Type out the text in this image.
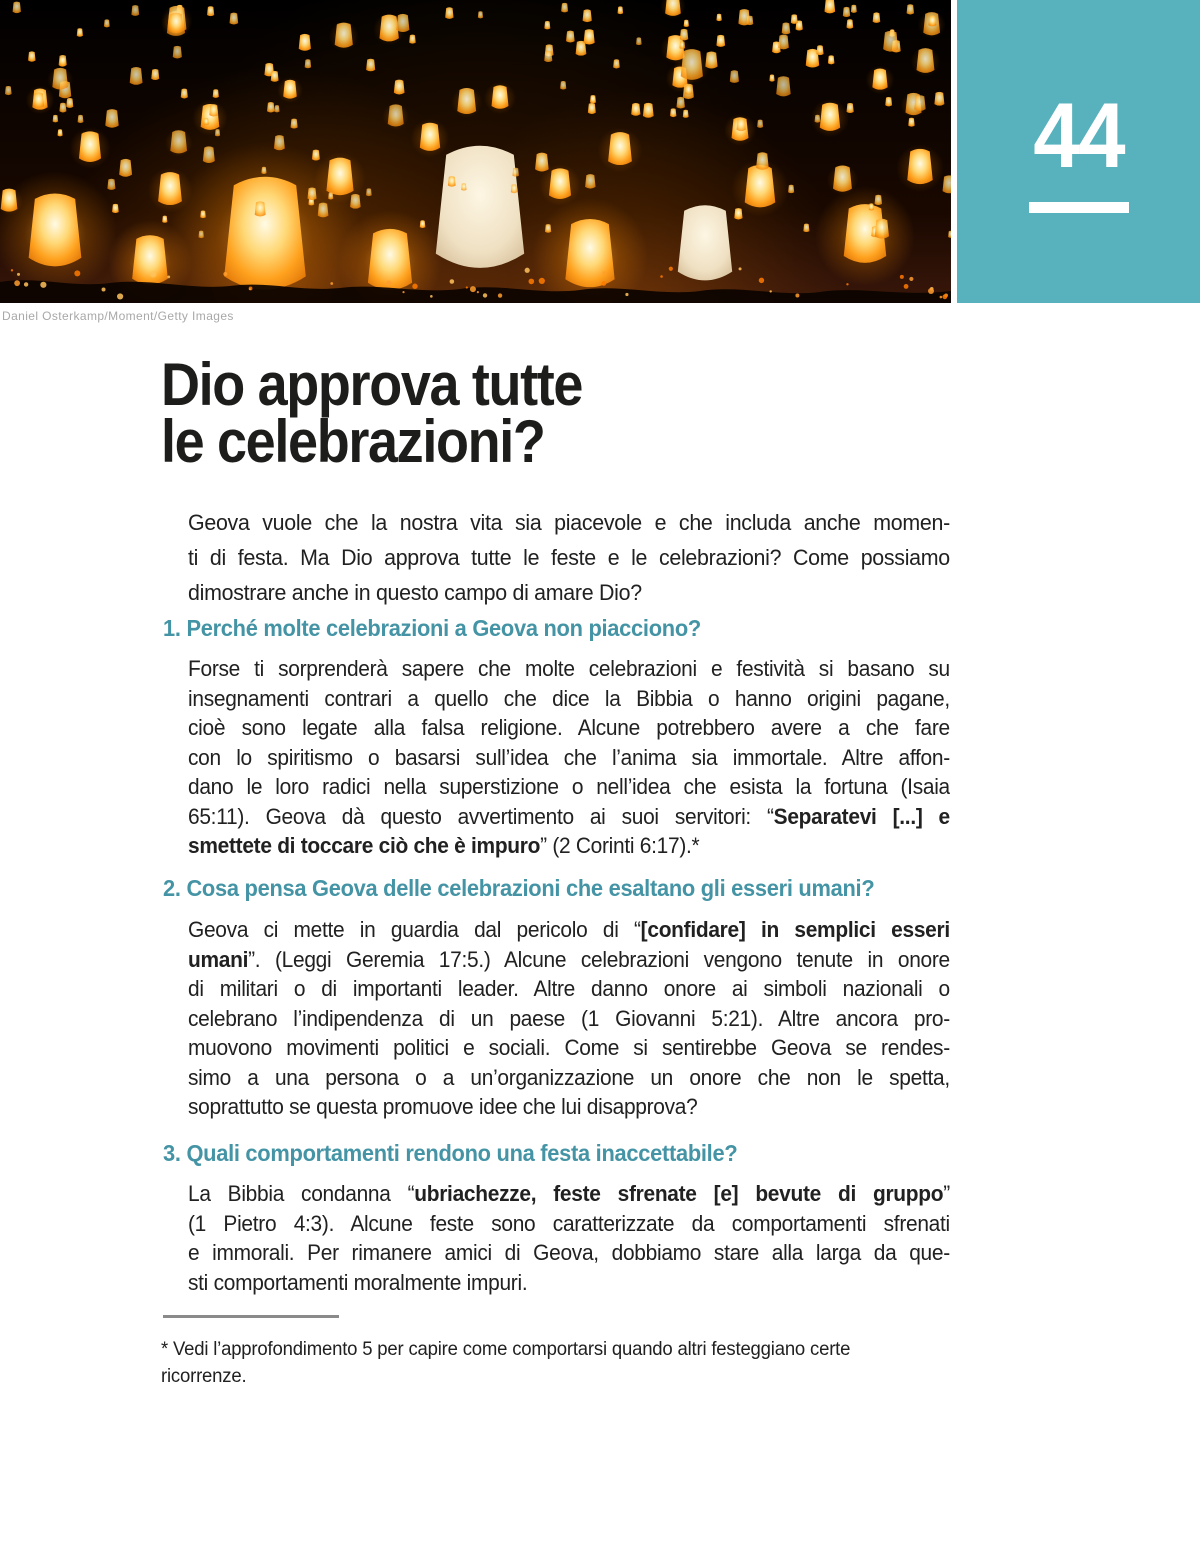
44
Daniel Osterkamp/Moment/Getty Images
Dio approva tutte
le celebrazioni?
Geova vuole che la nostra vita sia piacevole e che includa anche momen-
ti di festa. Ma Dio approva tutte le feste e le celebrazioni? Come possiamo
dimostrare anche in questo campo di amare Dio?
1. Perché molte celebrazioni a Geova non piacciono?
Forse ti sorprenderà sapere che molte celebrazioni e festività si basano su
insegnamenti contrari a quello che dice la Bibbia o hanno origini pagane,
cioè sono legate alla falsa religione. Alcune potrebbero avere a che fare
con lo spiritismo o basarsi sull’idea che l’anima sia immortale. Altre affon-
dano le loro radici nella superstizione o nell’idea che esista la fortuna (Isaia
65:11). Geova dà questo avvertimento ai suoi servitori: “Separatevi [...] e
smettete di toccare ciò che è impuro” (2 Corinti 6:17).*
2. Cosa pensa Geova delle celebrazioni che esaltano gli esseri umani?
Geova ci mette in guardia dal pericolo di “[confidare] in semplici esseri
umani”. (Leggi Geremia 17:5.) Alcune celebrazioni vengono tenute in onore
di militari o di importanti leader. Altre danno onore ai simboli nazionali o
celebrano l’indipendenza di un paese (1 Giovanni 5:21). Altre ancora pro-
muovono movimenti politici e sociali. Come si sentirebbe Geova se rendes-
simo a una persona o a un’organizzazione un onore che non le spetta,
soprattutto se questa promuove idee che lui disapprova?
3. Quali comportamenti rendono una festa inaccettabile?
La Bibbia condanna “ubriachezze, feste sfrenate [e] bevute di gruppo”
(1 Pietro 4:3). Alcune feste sono caratterizzate da comportamenti sfrenati
e immorali. Per rimanere amici di Geova, dobbiamo stare alla larga da que-
sti comportamenti moralmente impuri.
* Vedi l’approfondimento 5 per capire come comportarsi quando altri festeggiano certe
ricorrenze.
